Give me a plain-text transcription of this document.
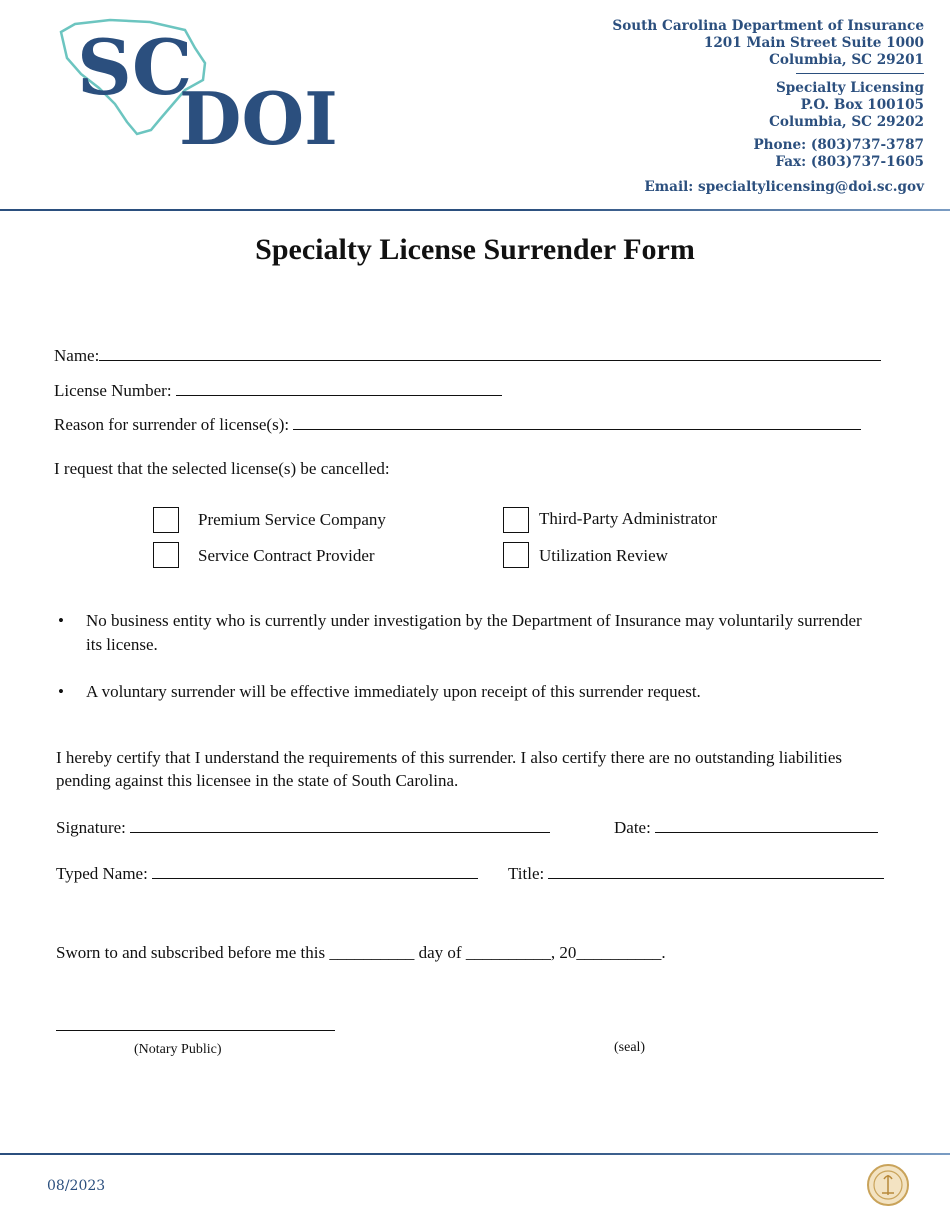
SC
DOI
South Carolina Department of Insurance
1201 Main Street Suite 1000
Columbia, SC 29201
Specialty Licensing
P.O. Box 100105
Columbia, SC 29202
Phone: (803)737-3787
Fax: (803)737-1605
Email: specialtylicensing@doi.sc.gov
Specialty License Surrender Form
Name:
License Number:
Reason for surrender of license(s):
I request that the selected license(s) be cancelled:
Premium Service Company	Third-Party Administrator
Service Contract Provider	Utilization Review
• No business entity who is currently under investigation by the Department of Insurance may voluntarily surrender its license.
• A voluntary surrender will be effective immediately upon receipt of this surrender request.
I hereby certify that I understand the requirements of this surrender. I also certify there are no outstanding liabilities pending against this licensee in the state of South Carolina.
Signature:	Date:
Typed Name:	Title:
Sworn to and subscribed before me this __________ day of __________, 20__________.
(Notary Public)	(seal)
08/2023
